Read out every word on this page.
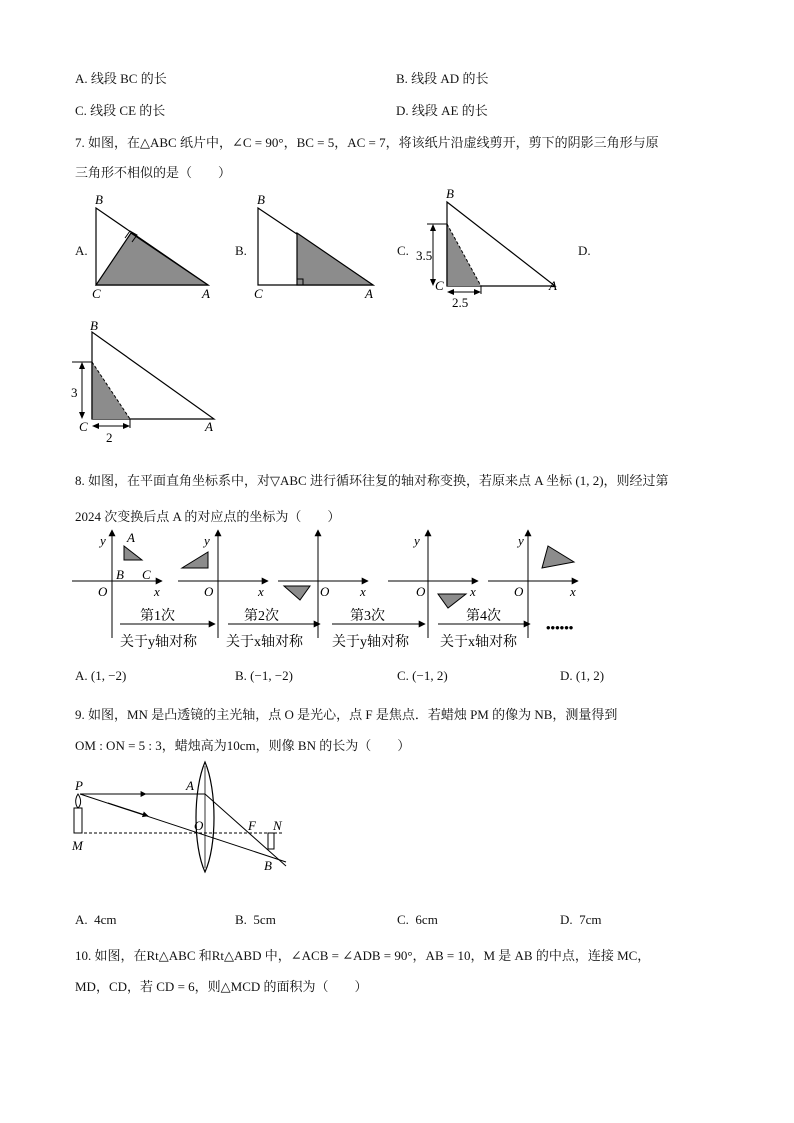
A. 线段 BC 的长	B. 线段 AD 的长
C. 线段 CE 的长	D. 线段 AE 的长
7. 如图，在△ABC 纸片中，∠C = 90°，BC = 5，AC = 7，将该纸片沿虚线剪开，剪下的阴影三角形与原
三角形不相似的是（　　）
A.
B
C	A
B.
B
C	A
C. 3.5
2.5
B
C	A
D.
3
2
B
C	A
8. 如图，在平面直角坐标系中，对▽ABC 进行循环往复的轴对称变换，若原来点 A 坐标 (1, 2)，则经过第
2024 次变换后点 A 的对应点的坐标为（　　）
y A
B C
O	x
y
O	x	O x
y
O	x
y
O	x
第1次	第2次	第3次	第4次
关于y轴对称 关于x轴对称 关于y轴对称 关于x轴对称
••••••
A. (1, −2)	B. (−1, −2)	C. (−1, 2)	D. (1, 2)
9. 如图，MN 是凸透镜的主光轴，点 O 是光心，点 F 是焦点．若蜡烛 PM 的像为 NB，测量得到
OM : ON = 5 : 3，蜡烛高为10cm，则像 BN 的长为（　　）
P	A
O	F N
M
B
A. 4cm	B. 5cm	C. 6cm	D. 7cm
10. 如图，在Rt△ABC 和Rt△ABD 中，∠ACB = ∠ADB = 90°，AB = 10，M 是 AB 的中点，连接 MC，
MD，CD，若 CD = 6，则△MCD 的面积为（　　）
